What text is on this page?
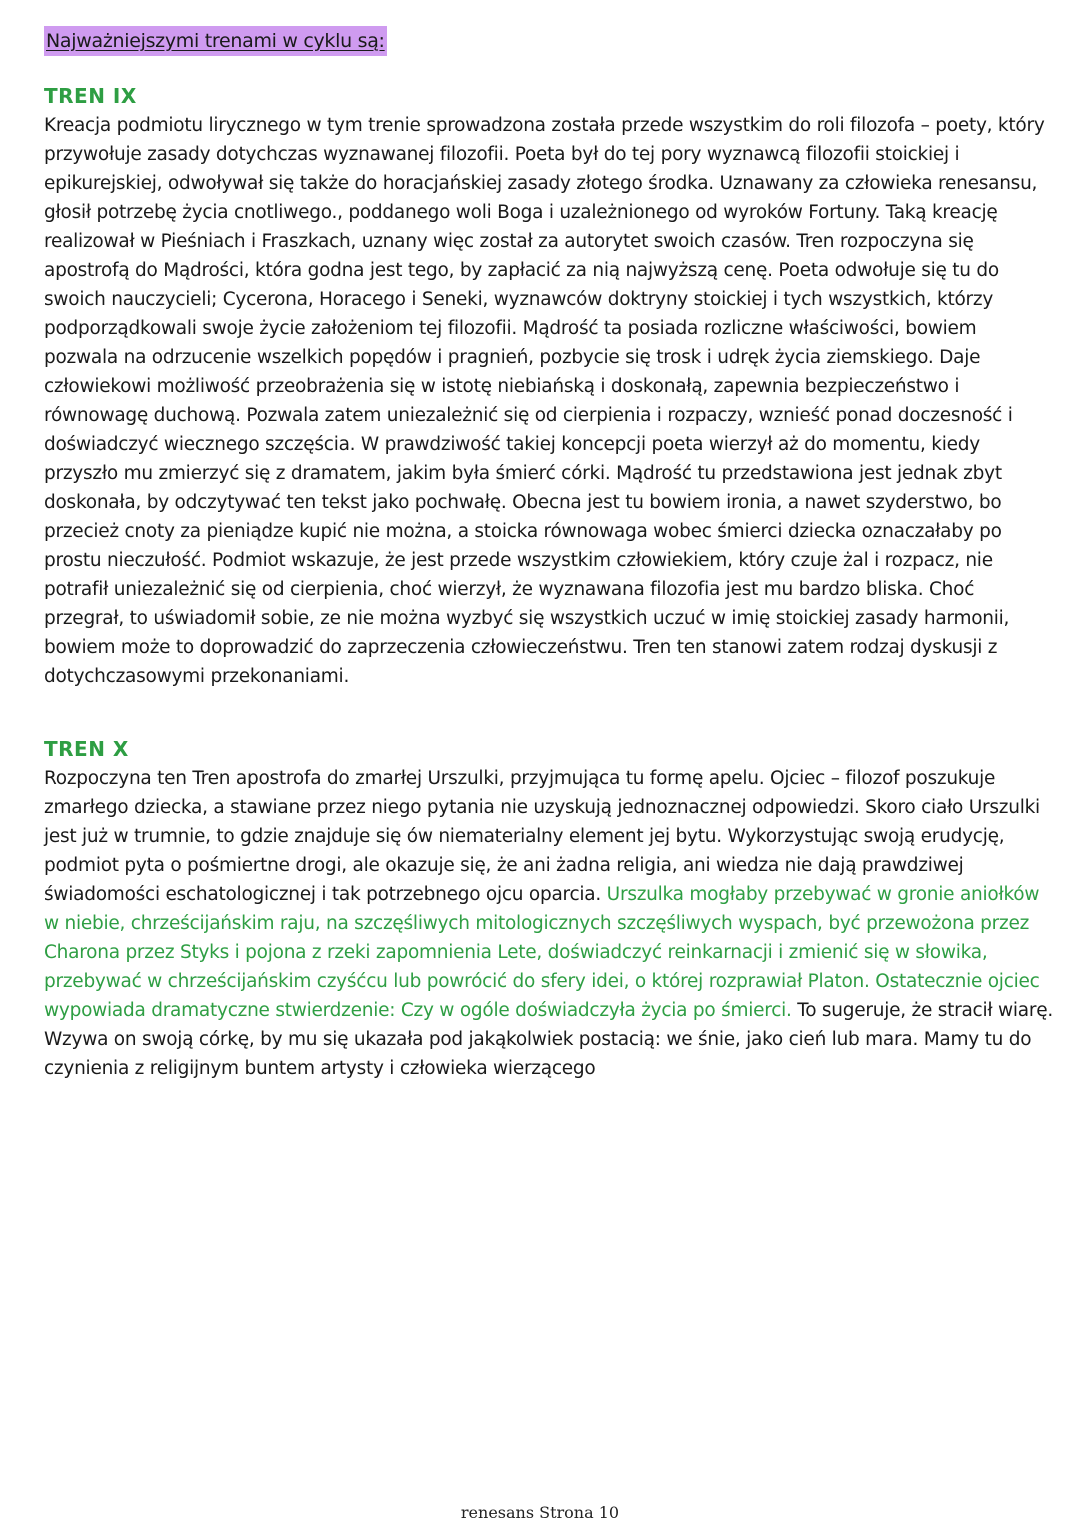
Najważniejszymi trenami w cyklu są:

TREN IX

Kreacja podmiotu lirycznego w tym trenie sprowadzona została przede wszystkim do roli filozofa – poety, który przywołuje zasady dotychczas wyznawanej filozofii. Poeta był do tej pory wyznawcą filozofii stoickiej i epikurejskiej, odwoływał się także do horacjańskiej zasady złotego środka. Uznawany za człowieka renesansu, głosił potrzebę życia cnotliwego., poddanego woli Boga i uzależnionego od wyroków Fortuny. Taką kreację realizował w Pieśniach i Fraszkach, uznany więc został za autorytet swoich czasów. Tren rozpoczyna się apostrofą do Mądrości, która godna jest tego, by zapłacić za nią najwyższą cenę. Poeta odwołuje się tu do swoich nauczycieli; Cycerona, Horacego i Seneki, wyznawców doktryny stoickiej i tych wszystkich, którzy podporządkowali swoje życie założeniom tej filozofii. Mądrość ta posiada rozliczne właściwości, bowiem pozwala na odrzucenie wszelkich popędów i pragnień, pozbycie się trosk i udręk życia ziemskiego. Daje człowiekowi możliwość przeobrażenia się w istotę niebiańską i doskonałą, zapewnia bezpieczeństwo i równowagę duchową. Pozwala zatem uniezależnić się od cierpienia i rozpaczy, wznieść ponad doczesność i doświadczyć wiecznego szczęścia. W prawdziwość takiej koncepcji poeta wierzył aż do momentu, kiedy przyszło mu zmierzyć się z dramatem, jakim była śmierć córki. Mądrość tu przedstawiona jest jednak zbyt doskonała, by odczytywać ten tekst jako pochwałę. Obecna jest tu bowiem ironia, a nawet szyderstwo, bo przecież cnoty za pieniądze kupić nie można, a stoicka równowaga wobec śmierci dziecka oznaczałaby po prostu nieczułość. Podmiot wskazuje, że jest przede wszystkim człowiekiem, który czuje żal i rozpacz, nie potrafił uniezależnić się od cierpienia, choć wierzył, że wyznawana filozofia jest mu bardzo bliska. Choć przegrał, to uświadomił sobie, ze nie można wyzbyć się wszystkich uczuć w imię stoickiej zasady harmonii, bowiem może to doprowadzić do zaprzeczenia człowieczeństwu. Tren ten stanowi zatem rodzaj dyskusji z dotychczasowymi przekonaniami.

TREN X

Rozpoczyna ten Tren apostrofa do zmarłej Urszulki, przyjmująca tu formę apelu. Ojciec – filozof poszukuje zmarłego dziecka, a stawiane przez niego pytania nie uzyskują jednoznacznej odpowiedzi. Skoro ciało Urszulki jest już w trumnie, to gdzie znajduje się ów niematerialny element jej bytu. Wykorzystując swoją erudycję, podmiot pyta o pośmiertne drogi, ale okazuje się, że ani żadna religia, ani wiedza nie dają prawdziwej świadomości eschatologicznej i tak potrzebnego ojcu oparcia. Urszulka mogłaby przebywać w gronie aniołków w niebie, chrześcijańskim raju, na szczęśliwych mitologicznych szczęśliwych wyspach, być przewożona przez Charona przez Styks i pojona z rzeki zapomnienia Lete, doświadczyć reinkarnacji i zmienić się w słowika, przebywać w chrześcijańskim czyśćcu lub powrócić do sfery idei, o której rozprawiał Platon. Ostatecznie ojciec wypowiada dramatyczne stwierdzenie: Czy w ogóle doświadczyła życia po śmierci. To sugeruje, że stracił wiarę. Wzywa on swoją córkę, by mu się ukazała pod jakąkolwiek postacią: we śnie, jako cień lub mara. Mamy tu do czynienia z religijnym buntem artysty i człowieka wierzącego

renesans Strona 10
